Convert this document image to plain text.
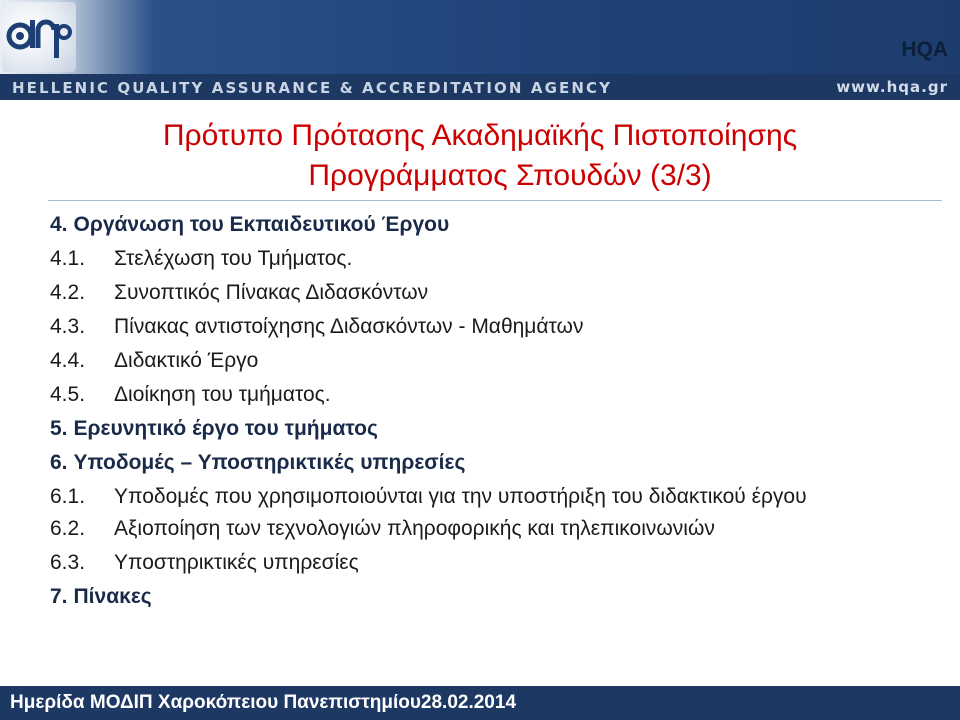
HQA
HELLENIC QUALITY ASSURANCE & ACCREDITATION AGENCY	www.hqa.gr
Πρότυπο Πρότασης Ακαδημαϊκής Πιστοποίησης
Προγράμματος Σπουδών (3/3)
4. Οργάνωση του Εκπαιδευτικού Έργου
4.1.	Στελέχωση του Τμήματος.
4.2.	Συνοπτικός Πίνακας Διδασκόντων
4.3.	Πίνακας αντιστοίχησης Διδασκόντων - Μαθημάτων
4.4.	Διδακτικό Έργο
4.5.	Διοίκηση του τμήματος.
5. Ερευνητικό έργο του τμήματος
6. Υποδομές – Υποστηρικτικές υπηρεσίες
6.1. Υποδομές που χρησιμοποιούνται για την υποστήριξη του διδακτικού έργου
6.2.	Αξιοποίηση των τεχνολογιών πληροφορικής και τηλεπικοινωνιών
6.3.	Υποστηρικτικές υπηρεσίες
7. Πίνακες
Ημερίδα ΜΟΔΙΠ Χαροκόπειου Πανεπιστημίου28.02.2014
